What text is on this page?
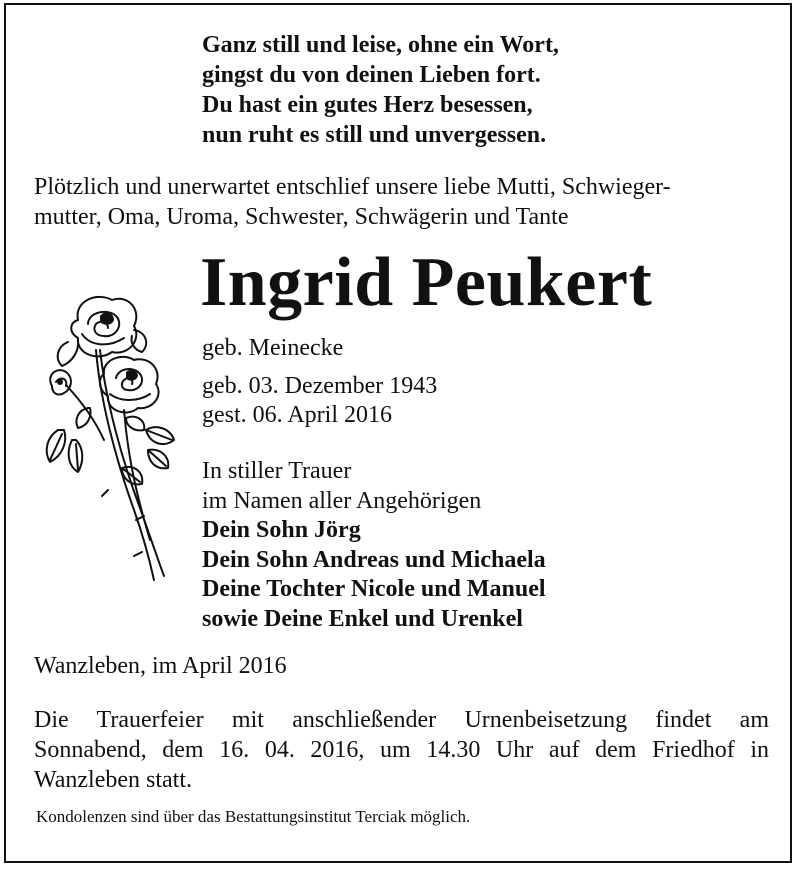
Ganz still und leise, ohne ein Wort,
gingst du von deinen Lieben fort.
Du hast ein gutes Herz besessen,
nun ruht es still und unvergessen.
Plötzlich und unerwartet entschlief unsere liebe Mutti, Schwieger-
mutter, Oma, Uroma, Schwester, Schwägerin und Tante
Ingrid Peukert
geb. Meinecke
geb. 03. Dezember 1943
gest. 06. April 2016
In stiller Trauer
im Namen aller Angehörigen
Dein Sohn Jörg
Dein Sohn Andreas und Michaela
Deine Tochter Nicole und Manuel
sowie Deine Enkel und Urenkel
Wanzleben, im April 2016
Die Trauerfeier mit anschließender Urnenbeisetzung findet am
Sonnabend, dem 16. 04. 2016, um 14.30 Uhr auf dem Friedhof in
Wanzleben statt.
Kondolenzen sind über das Bestattungsinstitut Terciak möglich.
